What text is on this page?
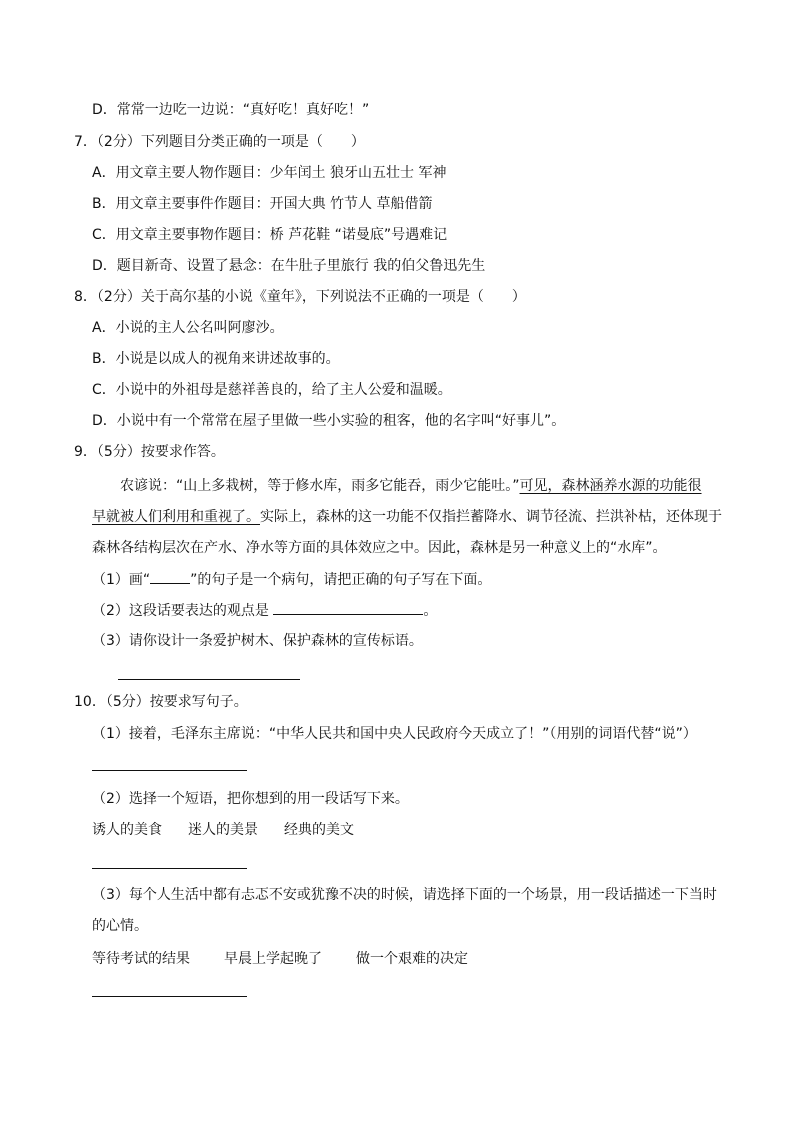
D．常常一边吃一边说：“真好吃！真好吃！”
7．（2分）下列题目分类正确的一项是（　　）
A．用文章主要人物作题目：少年闰土 狼牙山五壮士 军神
B．用文章主要事件作题目：开国大典 竹节人 草船借箭
C．用文章主要事物作题目：桥 芦花鞋 “诺曼底”号遇难记
D．题目新奇、设置了悬念：在牛肚子里旅行 我的伯父鲁迅先生
8．（2分）关于高尔基的小说《童年》，下列说法不正确的一项是（　　）
A．小说的主人公名叫阿廖沙。
B．小说是以成人的视角来讲述故事的。
C．小说中的外祖母是慈祥善良的，给了主人公爱和温暖。
D．小说中有一个常常在屋子里做一些小实验的租客，他的名字叫“好事儿”。
9．（5分）按要求作答。
农谚说：“山上多栽树，等于修水库，雨多它能吞，雨少它能吐。”可见，森林涵养水源的功能很
早就被人们利用和重视了。实际上，森林的这一功能不仅指拦蓄降水、调节径流、拦洪补枯，还体现于
森林各结构层次在产水、净水等方面的具体效应之中。因此，森林是另一种意义上的“水库”。
（1）画“	”的句子是一个病句，请把正确的句子写在下面。
（2）这段话要表达的观点是	。
（3）请你设计一条爱护树木、保护森林的宣传标语。
10．（5分）按要求写句子。
（1）接着，毛泽东主席说：“中华人民共和国中央人民政府今天成立了！”（用别的词语代替“说”）
（2）选择一个短语，把你想到的用一段话写下来。
诱人的美食 迷人的美景 经典的美文
（3）每个人生活中都有忐忑不安或犹豫不决的时候，请选择下面的一个场景，用一段话描述一下当时
的心情。
等待考试的结果 早晨上学起晚了 做一个艰难的决定
